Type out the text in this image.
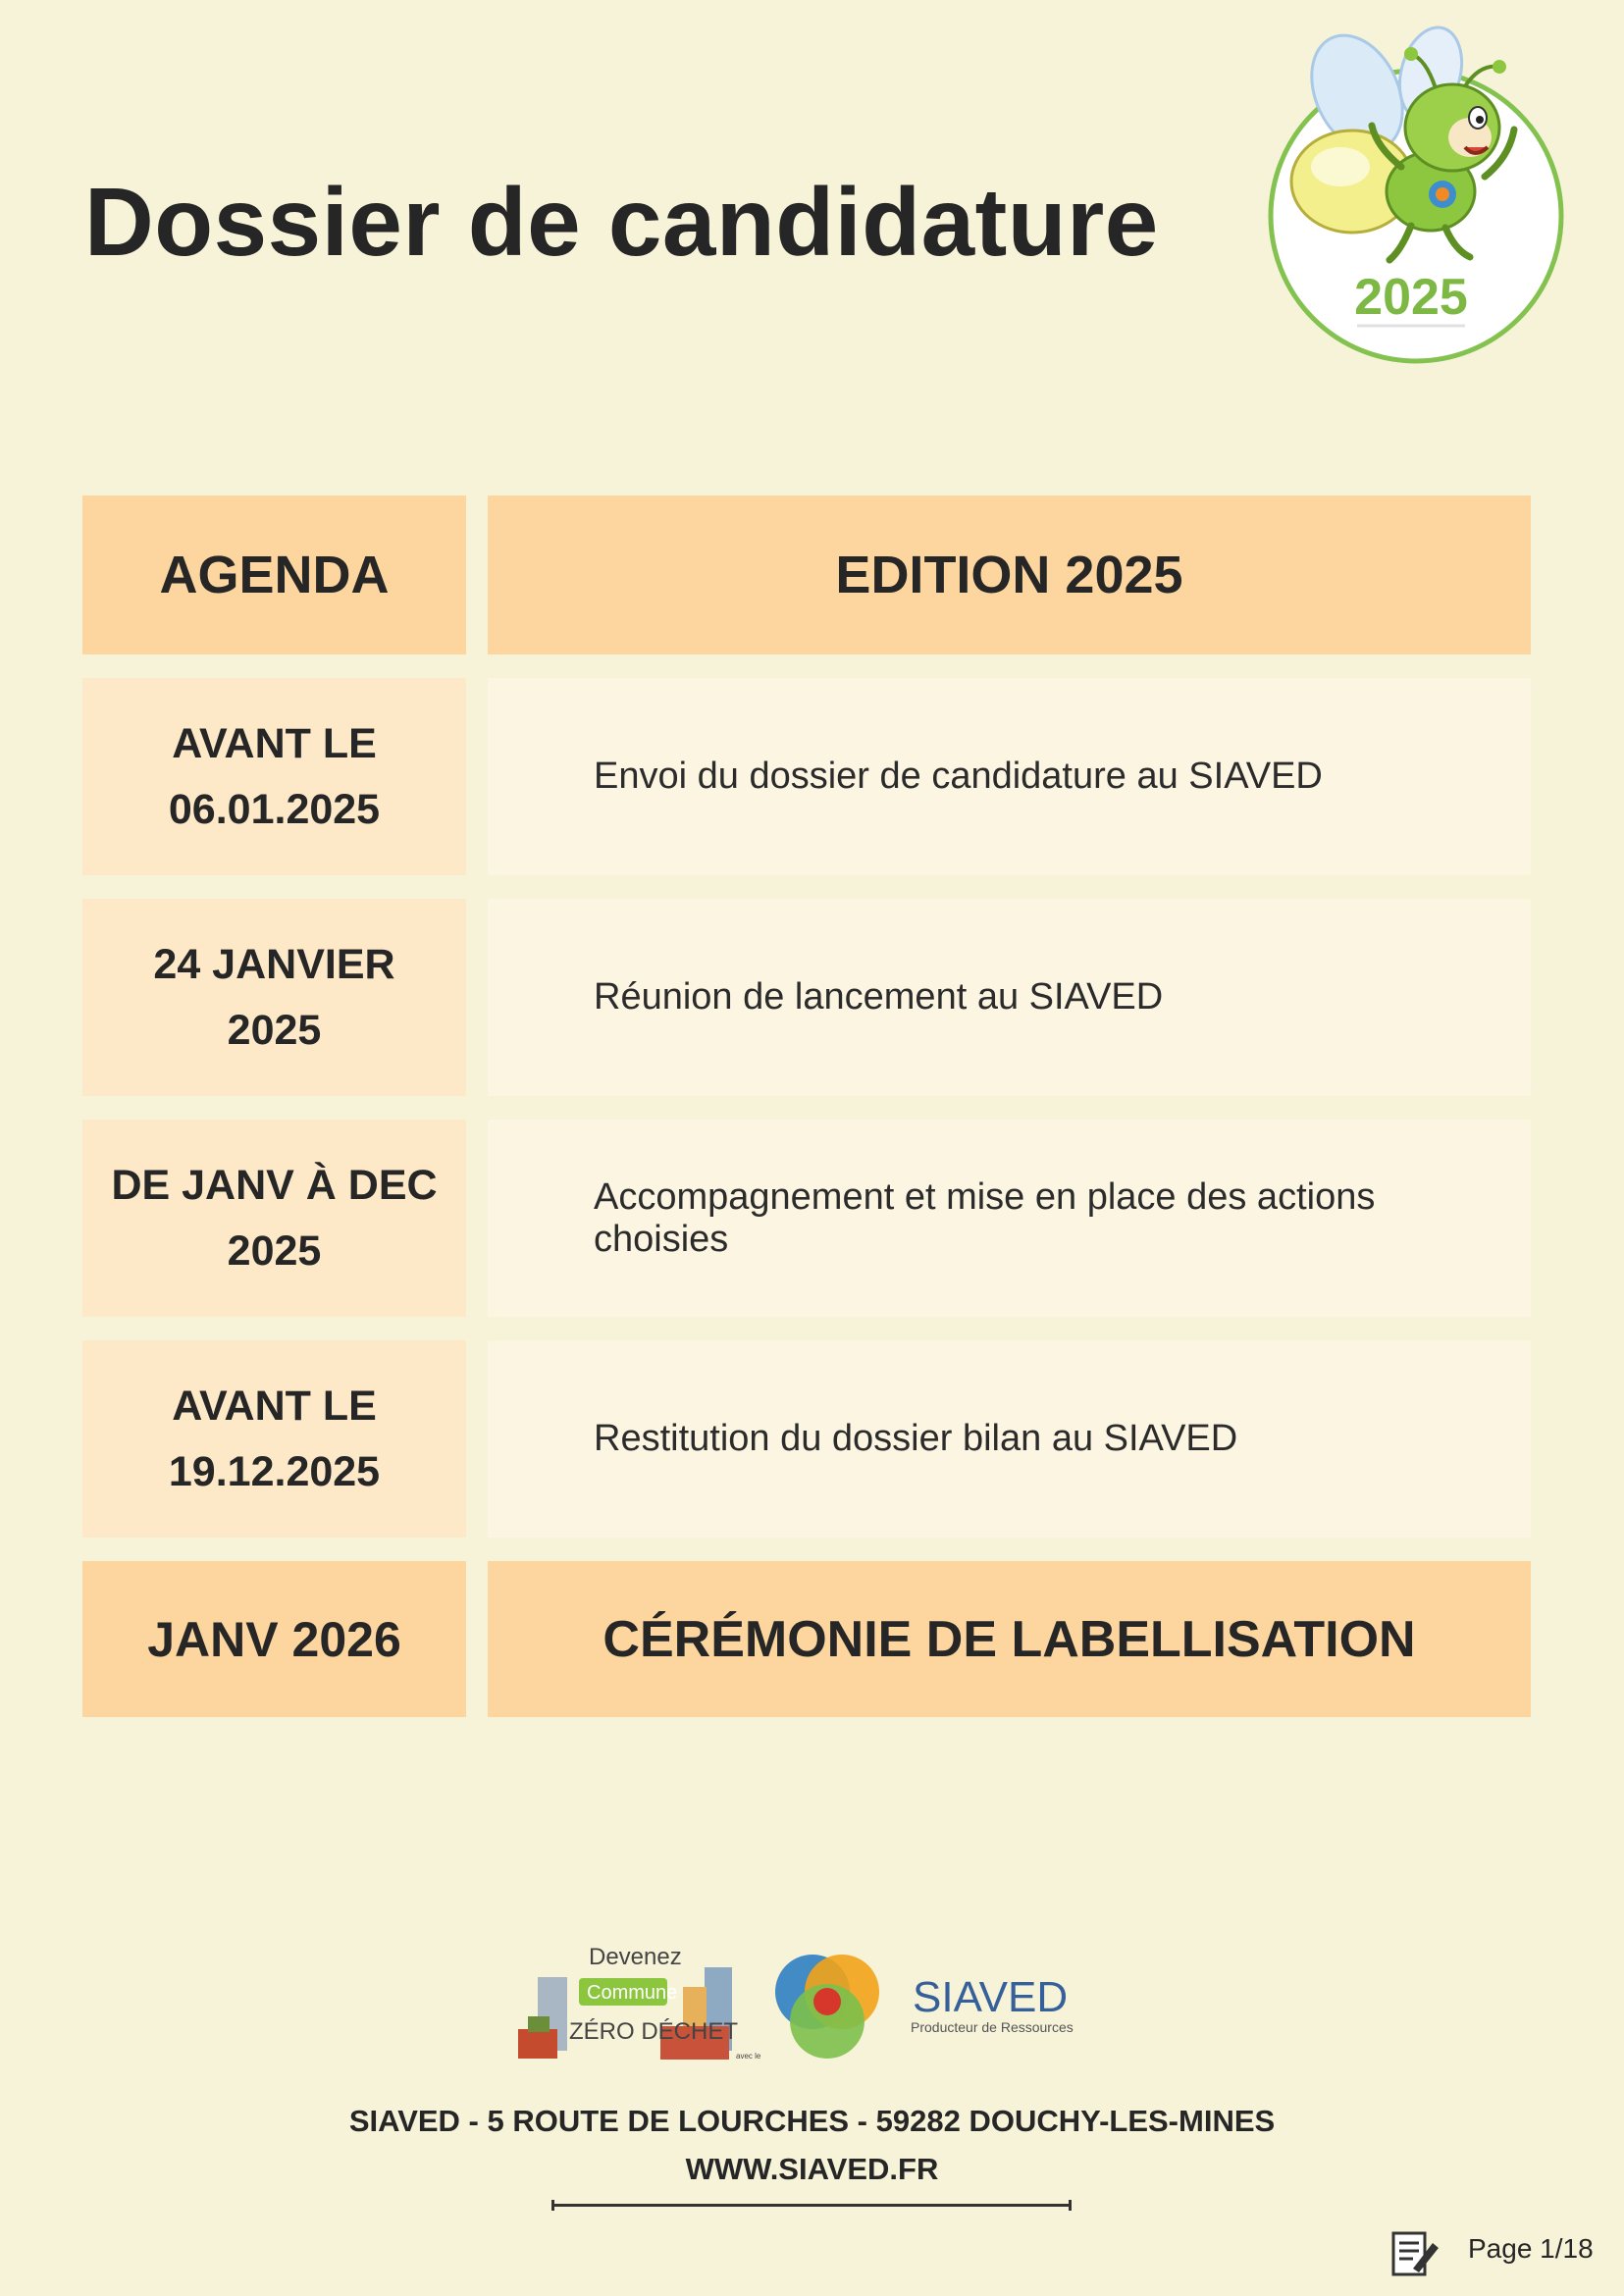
Dossier de candidature
2025
AGENDA	EDITION 2025
AVANT LE
06.01.2025
Envoi du dossier de candidature au SIAVED
24 JANVIER
2025
Réunion de lancement au SIAVED
DE JANV À DEC
2025
Accompagnement et mise en place des actions choisies
AVANT LE
19.12.2025
Restitution du dossier bilan au SIAVED
JANV 2026	CÉRÉMONIE DE LABELLISATION
Devenez
Commune
ZÉRO DÉCHET
avec le
SIAVED
Producteur de Ressources
SIAVED - 5 ROUTE DE LOURCHES - 59282 DOUCHY-LES-MINES
WWW.SIAVED.FR
Page 1/18
